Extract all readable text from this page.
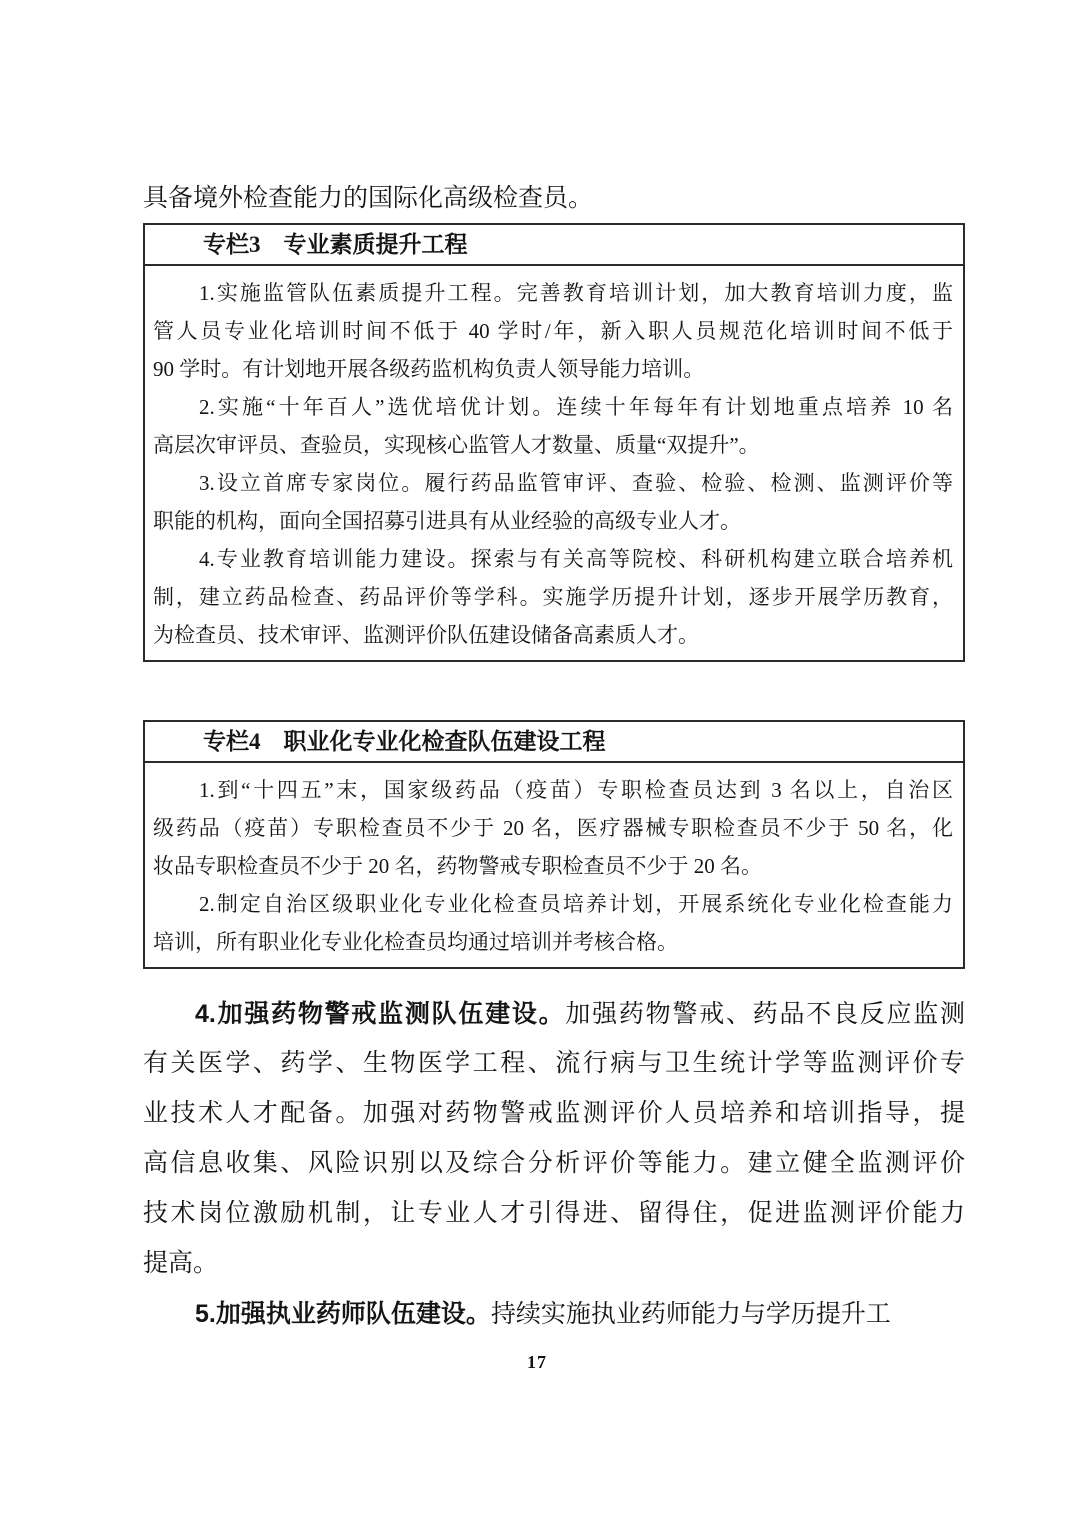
具备境外检查能力的国际化高级检查员。
专栏3　专业素质提升工程
1.实施监管队伍素质提升工程。完善教育培训计划，加大教育培训力度，监
管人员专业化培训时间不低于 40 学时/年，新入职人员规范化培训时间不低于
90 学时。有计划地开展各级药监机构负责人领导能力培训。
2.实施“十年百人”选优培优计划。连续十年每年有计划地重点培养 10 名
高层次审评员、查验员，实现核心监管人才数量、质量“双提升”。
3.设立首席专家岗位。履行药品监管审评、查验、检验、检测、监测评价等
职能的机构，面向全国招募引进具有从业经验的高级专业人才。
4.专业教育培训能力建设。探索与有关高等院校、科研机构建立联合培养机
制，建立药品检查、药品评价等学科。实施学历提升计划，逐步开展学历教育，
为检查员、技术审评、监测评价队伍建设储备高素质人才。
专栏4　职业化专业化检查队伍建设工程
1.到“十四五”末，国家级药品（疫苗）专职检查员达到 3 名以上，自治区
级药品（疫苗）专职检查员不少于 20 名，医疗器械专职检查员不少于 50 名，化
妆品专职检查员不少于 20 名，药物警戒专职检查员不少于 20 名。
2.制定自治区级职业化专业化检查员培养计划，开展系统化专业化检查能力
培训，所有职业化专业化检查员均通过培训并考核合格。
4.加强药物警戒监测队伍建设。加强药物警戒、药品不良反应监测
有关医学、药学、生物医学工程、流行病与卫生统计学等监测评价专
业技术人才配备。加强对药物警戒监测评价人员培养和培训指导，提
高信息收集、风险识别以及综合分析评价等能力。建立健全监测评价
技术岗位激励机制，让专业人才引得进、留得住，促进监测评价能力
提高。
5.加强执业药师队伍建设。持续实施执业药师能力与学历提升工
17
